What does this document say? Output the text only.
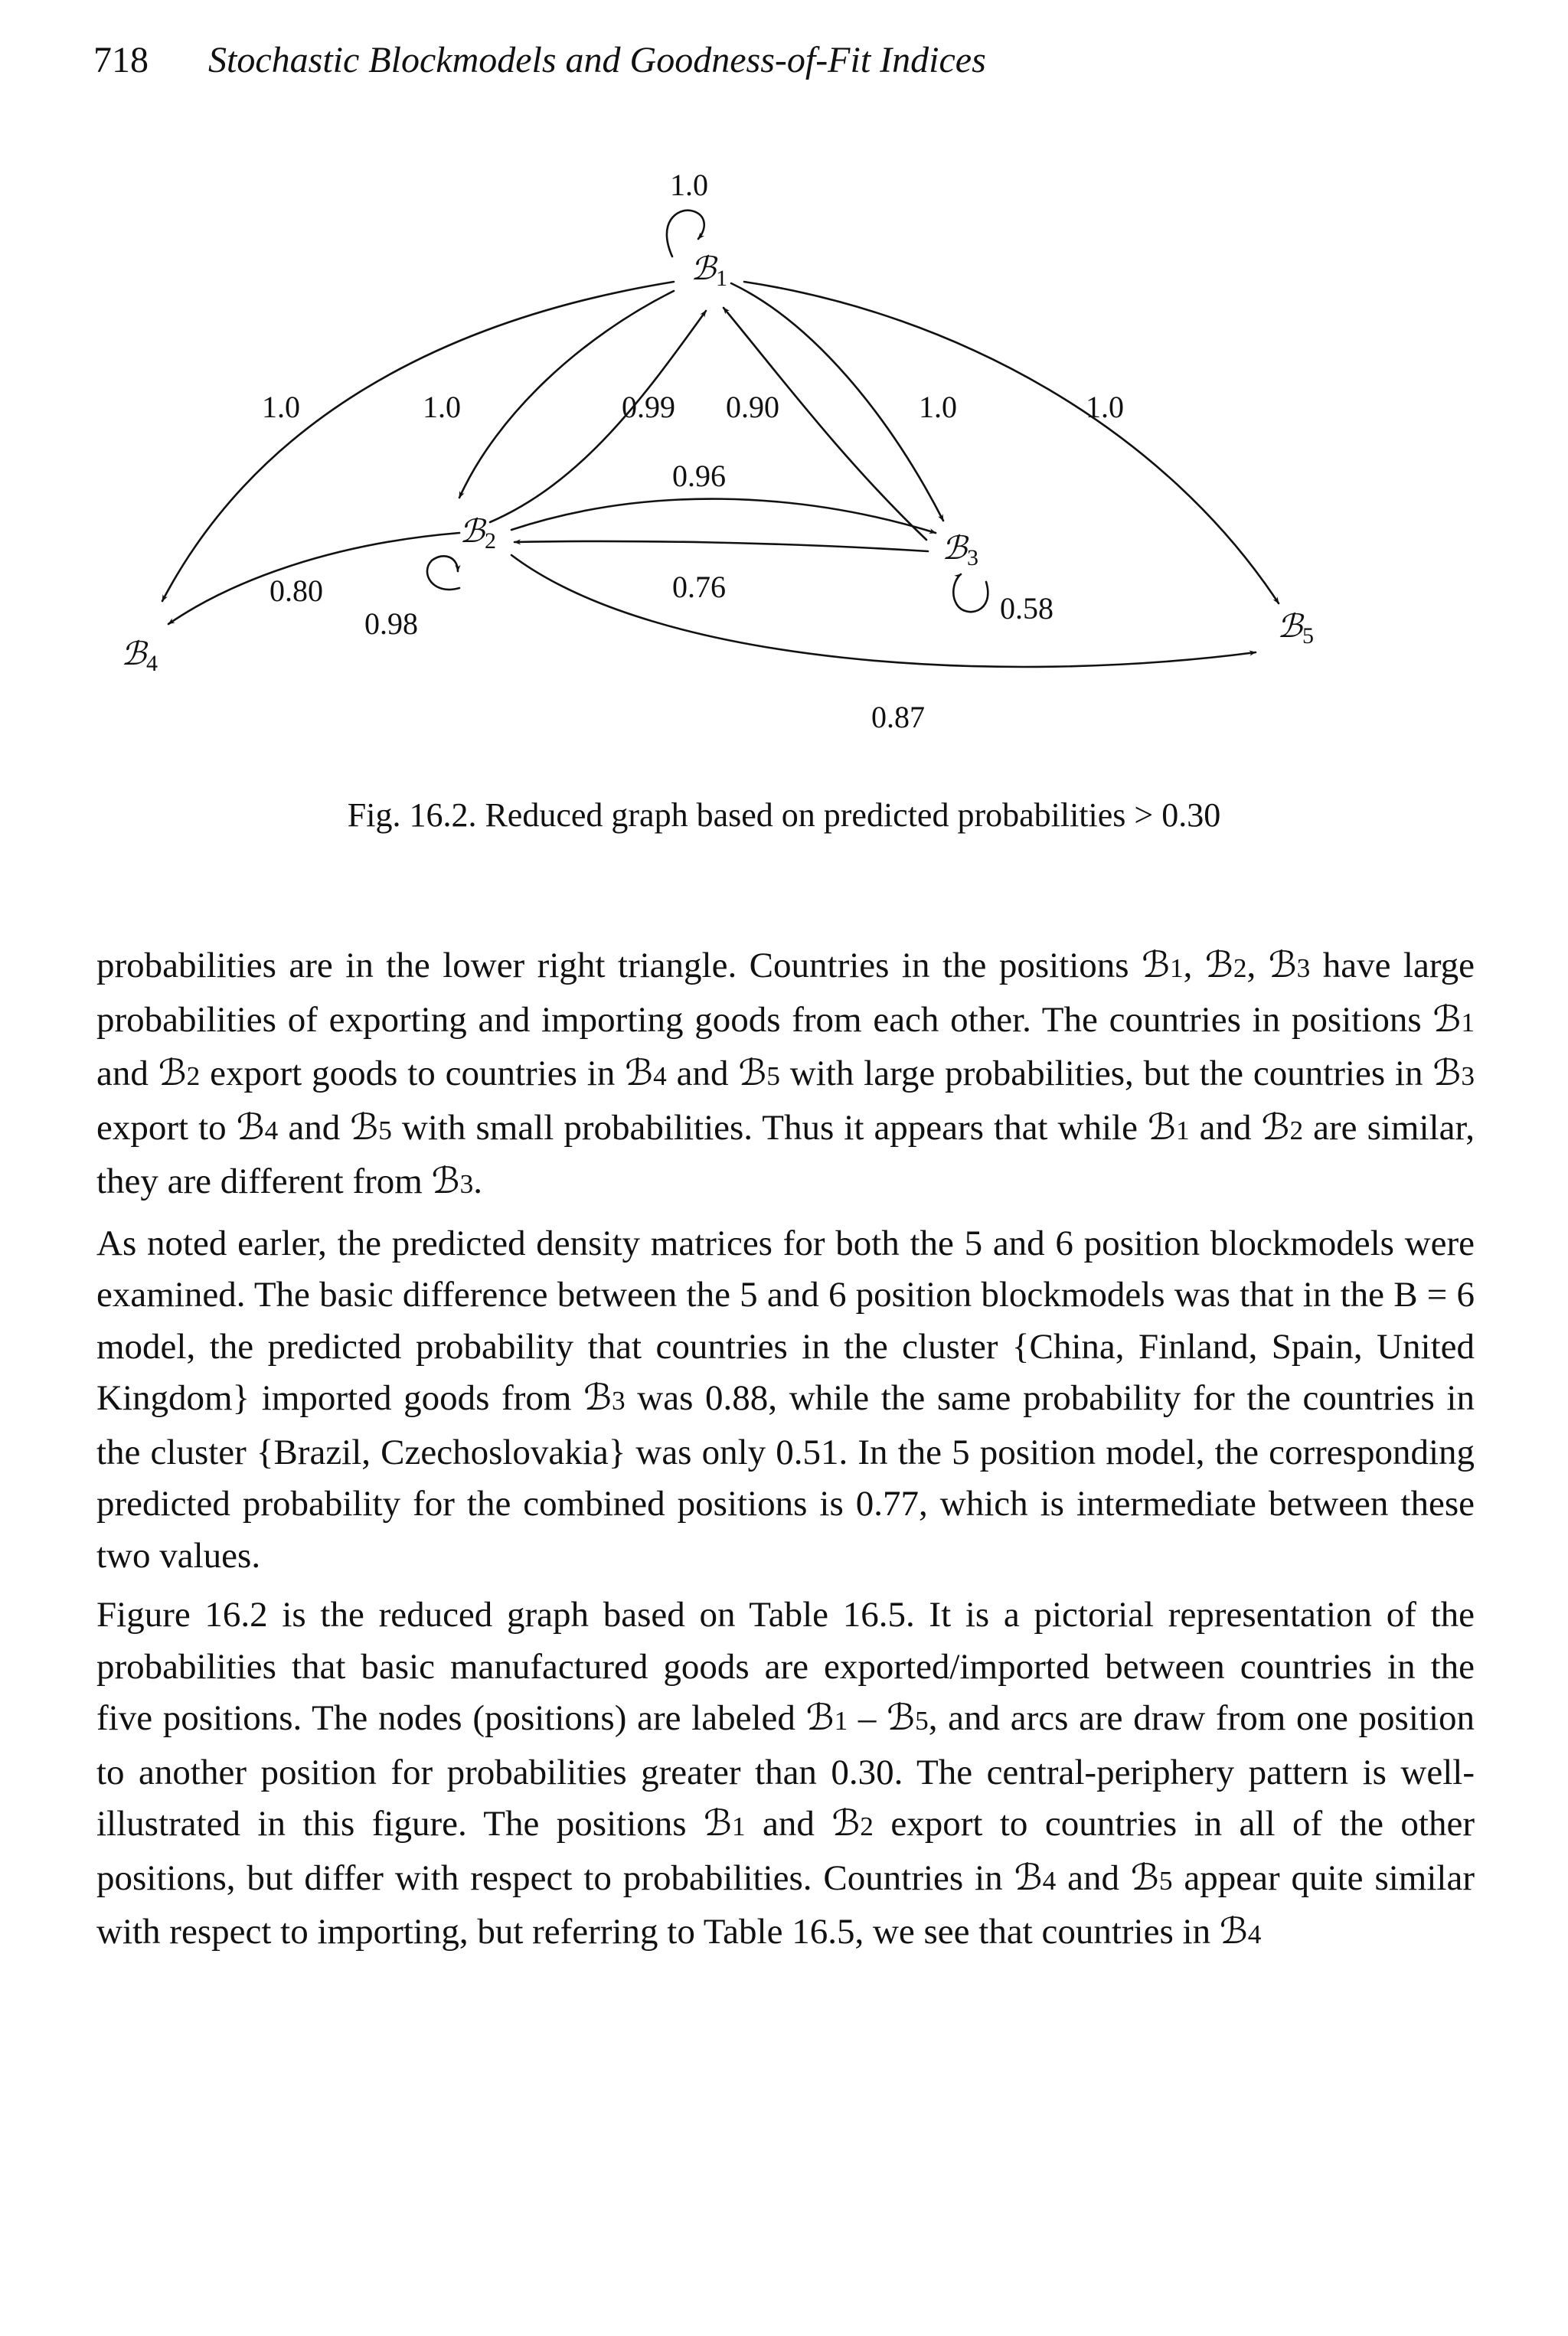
718 Stochastic Blockmodels and Goodness-of-Fit Indices
ℬ1
ℬ2	ℬ3
ℬ4
ℬ5
1.0
1.0	1.0	0.99 0.90	1.0	1.0
0.96
0.76
0.80
0.98	0.58
0.87
Fig. 16.2. Reduced graph based on predicted probabilities > 0.30

probabilities are in the lower right triangle. Countries in the positions ℬ1, ℬ2, ℬ3 have large probabilities of exporting and importing goods from each other. The countries in positions ℬ1 and ℬ2 export goods to countries in ℬ4 and ℬ5 with large probabilities, but the countries in ℬ3 export to ℬ4 and ℬ5 with small probabilities. Thus it appears that while ℬ1 and ℬ2 are similar, they are different from ℬ3.

As noted earler, the predicted density matrices for both the 5 and 6 position blockmodels were examined. The basic difference between the 5 and 6 position blockmodels was that in the B = 6 model, the predicted probability that countries in the cluster {China, Finland, Spain, United Kingdom} imported goods from ℬ3 was 0.88, while the same probability for the countries in the cluster {Brazil, Czechoslovakia} was only 0.51. In the 5 position model, the corresponding predicted probability for the combined positions is 0.77, which is intermediate between these two values.

Figure 16.2 is the reduced graph based on Table 16.5. It is a pictorial representation of the probabilities that basic manufactured goods are exported/imported between countries in the five positions. The nodes (positions) are labeled ℬ1 – ℬ5, and arcs are draw from one position to another position for probabilities greater than 0.30. The central-periphery pattern is well-illustrated in this figure. The positions ℬ1 and ℬ2 export to countries in all of the other positions, but differ with respect to probabilities. Countries in ℬ4 and ℬ5 appear quite similar with respect to importing, but referring to Table 16.5, we see that countries in ℬ4
